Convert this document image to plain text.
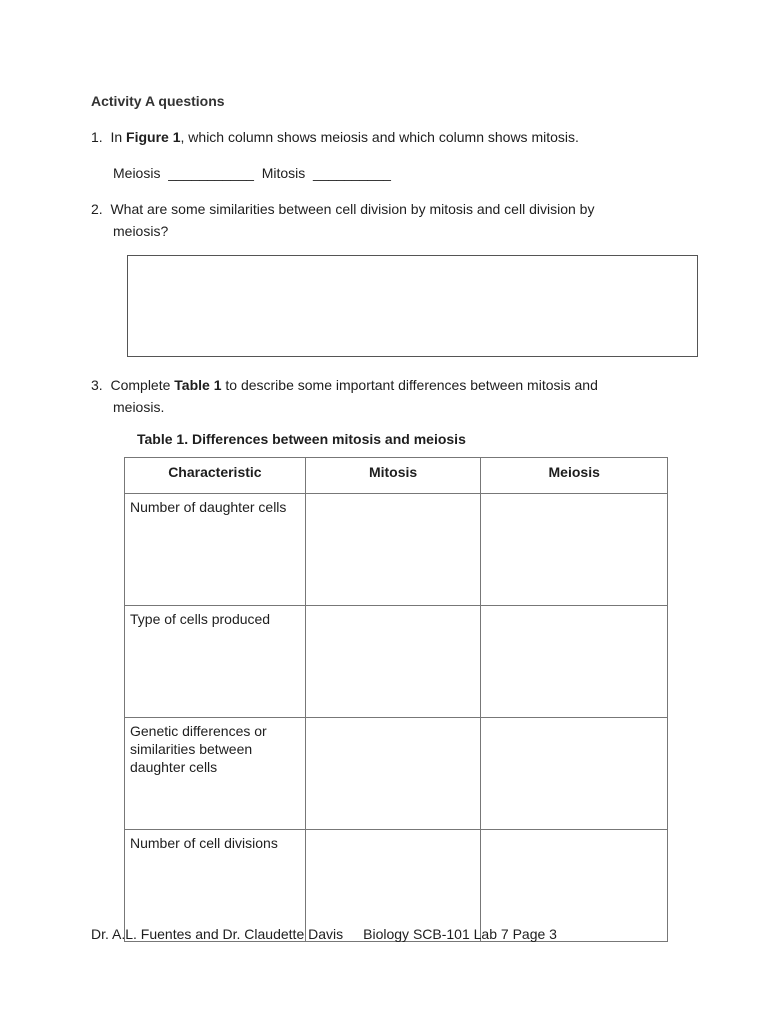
Activity A questions
1. In Figure 1, which column shows meiosis and which column shows mitosis.
Meiosis ___________ Mitosis __________
2. What are some similarities between cell division by mitosis and cell division by
meiosis?
3. Complete Table 1 to describe some important differences between mitosis and
meiosis.
Table 1. Differences between mitosis and meiosis
Characteristic	Mitosis	Meiosis
Number of daughter cells		
Type of cells produced		
Genetic differences or similarities between daughter cells		
Number of cell divisions		
Dr. A.L. Fuentes and Dr. Claudette Davis Biology SCB-101 Lab 7 Page 3
